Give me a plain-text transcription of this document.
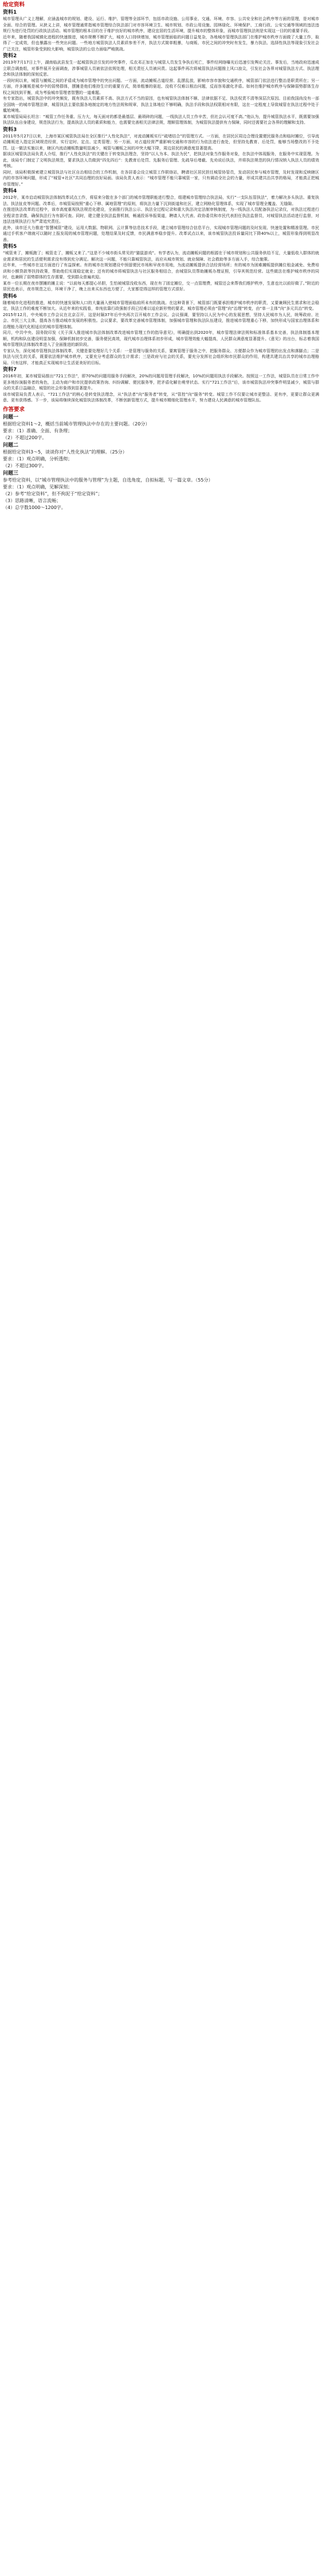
给定资料

资料1

城市管理从广义上理解，应涵盖城市的规划、建设、运行、维护、管理等全部环节，包括市政设施、公用事业、交通、环境、市容、公共安全和社会秩序等方面的管理，是对城市全面、综合的管理。从狭义上讲，城市管理通常指城市管理综合执法部门对市容环境卫生、城市规划、市政公用设施、园林绿化、环境保护、工商行政、公安交通等领域的违法违规行为进行处罚的行政执法活动。城市管理的根本目的在于维护良好的城市秩序，建设宜居的生活环境，提升城市的整体形象，而城市管理执法则是实现这一目的的重要手段。

近年来，随着我国城镇化进程的快速推进，城市规模不断扩大，城市人口持续增加，城市管理面临的问题日益复杂，各地城市管理执法部门在维护城市秩序方面做了大量工作，取得了一定成效，但也暴露出一些突出问题。一些地方城管执法人员素质参差不齐，执法方式简单粗暴，与商贩、市民之间的冲突时有发生，暴力执法、选择性执法等现象引发社会广泛关注，城管形象受到较大影响，城管执法的公信力面临严峻挑战。

资料2

2013年7月17日上午，湖南临武县发生一起城管执法引发的冲突事件，瓜农邓正加在与城管人员发生争执后死亡，事件经网络曝光后迅速引发舆论关注。事发后，当地政府迅速成立联合调查组，对事件展开全面调查，涉事城管人员被依法依规处理，相关责任人员被问责。这起事件再次将城管执法问题推上风口浪尖，引发社会各界对城管执法方式、执法理念和执法体制的深刻反思。

一段时间以来，城管与摊贩之间的矛盾成为城市管理中的突出问题。一方面，流动摊贩占道经营、乱摆乱放，影响市容市貌和交通秩序，城管部门依法进行整治是职责所在；另一方面，许多摊贩是城市中的弱势群体，摆摊是他们维持生计的重要方式，简单粗暴的驱赶、没收不仅难以根治问题，反而容易激化矛盾。如何在维护城市秩序与保障弱势群体生存权之间找到平衡，成为考验城市管理者智慧的一道难题。

有专家指出，城管执法中的冲突频发，既有执法人员素质不高、执法方式不当的原因，也有城管执法体制不顺、法律依据不足、执法权责不清等深层次原因。目前我国尚没有一部全国统一的城市管理法律，城管执法主要依据各地制定的地方性法规和规章，执法主体地位不够明确，执法手段和执法权限相对有限，这在一定程度上导致城管在执法过程中处于尴尬境地。

某市城管局局长坦言：“城管工作任务重、压力大，每天面对的都是最基层、最琐碎的问题，一线执法人员工作辛苦，但社会认可度不高。”他认为，提升城管执法水平，既需要加强执法队伍自身建设，规范执法行为，提高执法人员的素质和能力，也需要完善相关法律法规，理顺管理体制，为城管执法提供有力保障，同时还需要社会各界的理解和支持。

资料3

2011年5月27日以来，上海市某区城管执法局在全区推行“人性化执法”，对流动摊贩实行“疏堵结合”的管理方式。一方面，在居民区周边合理设置便民服务点和临时摊位，引导流动摊贩进入指定区域规范经营，实行定时、定点、定类管理；另一方面，对占道经营严重影响交通和市容的行为依法进行查处，但坚持先教育、后处罚，能够当场整改的不予处罚。这一做法实施以来，辖区内流动摊贩数量明显减少，城管与摊贩之间的冲突大幅下降，周边居民的满意度显著提高。

据该区城管执法局负责人介绍，推行“人性化执法”的关键在于转变执法理念，坚持“以人为本、执法为民”，把执法对象当作服务对象，在执法中体现服务，在服务中实现管理。为此，该局专门制定了文明执法规范，要求执法人员做到“四先四后”：先教育后处罚、先服务后管理、先疏导后堵截、先劝说后执法，并将执法规范的执行情况纳入执法人员的绩效考核。

同时，该局积极探索建立城管执法与社区自治相结合的工作机制，在各居委会设立城管工作联络站，聘请社区居民担任城管协管员，发动居民参与城市管理，及时发现和反映辖区内的市容环境问题，形成了“城管+社区”共同治理的良好局面。该局负责人表示：“城市管理不能只靠城管一家，只有调动全社会的力量，形成共建共治共享的格局，才能真正把城市管理好。”

资料4

2012年，某市启动城管执法体制改革试点工作，将原来分散在多个部门的城市管理职能进行整合，组建城市管理综合执法局，实行“一支队伍管执法”，着力解决多头执法、重复执法、执法扯皮等问题。改革后，市城管局按照“重心下移、属地管理”的原则，将执法力量下沉到街道和社区，建立网格化管理体系，实现了城市管理全覆盖、无缝隙。

在推进执法改革的过程中，该市高度重视执法规范化建设，全面推行执法公示、执法全过程记录和重大执法决定法制审核制度，为一线执法人员配备执法记录仪，对执法过程进行全程录音录像，确保执法行为有据可查。同时，建立健全执法监督机制，畅通投诉举报渠道，聘请人大代表、政协委员和市民代表担任执法监督员，对城管执法活动进行监督，对违法违规执法行为严肃追究责任。

此外，该市还大力推进“智慧城管”建设，运用大数据、物联网、云计算等信息技术手段，建立城市管理综合信息平台，实现城市管理问题的及时发现、快速处置和精准管理。市民通过手机客户端就可以随时上报发现的城市管理问题，处理结果及时反馈，市民满意率稳步提升。改革试点以来，该市城管执法投诉量同比下降40%以上，城管形象得到明显改善。

资料5

“城管来了，摊贩跑了；城管走了，摊贩又来了。”这是不少城市街头常见的“猫鼠游戏”。有学者认为，流动摊贩问题的根源在于城市规划和公共服务供给不足，大量低收入群体的就业需求和居民的生活便利需求没有得到充分满足。解决这一问题，不能只靠城管执法，而应从城市规划、就业保障、社会救助等多方面入手，综合施策。

近年来，一些城市在这方面进行了有益探索。有的城市在规划建设中预留便民市场和早夜市用地，为流动摊贩提供合法经营场所；有的城市为困难摊贩提供摊位租金减免、免费培训和小额贷款等扶持政策，帮助他们实现稳定就业；还有的城市将城管执法与社区服务相结合，由城管队员帮助摊贩办理证照，引导其规范经营。这些做法在维护城市秩序的同时，也兼顾了弱势群体的生存需要，受到群众普遍欢迎。

某市一位长期在夜市摆摊的摊主说：“以前每天都提心吊胆，生怕被城管没收东西，现在有了固定摊位，交一点管理费，城管还会来帮我们维护秩序，生意也比以前好做了。”附近的居民也表示，夜市规范之后，环境干净了，晚上出来买东西也方便了，大家都觉得这样的管理方式很好。

资料6

随着城市化进程的推进，城市的快速发展和人口的大量涌入使城市管理面临前所未有的挑战。在这种背景下，城管部门既要承担维护城市秩序的职责，又要兼顾民生需求和社会稳定，执法工作的难度不断加大。从近年来的实践看，单纯依靠行政强制手段已经难以适应新形势的要求，城市管理必须由“管理”向“治理”转变，由“单一主体”向“多元共治”转变。

2015年12月，中央城市工作会议在北京召开，这是时隔37年后中央再次召开城市工作会议。会议强调，要坚持以人民为中心的发展思想，坚持人民城市为人民，统筹政府、社会、市民三大主体，提高各方推动城市发展的积极性。会议要求，要改革完善城市管理体制，加强城市管理和执法队伍建设，推进城市管理重心下移，加快形成与国家治理体系和治理能力现代化相适应的城市管理体制。

同月，中共中央、国务院印发《关于深入推进城市执法体制改革改进城市管理工作的指导意见》，明确提出到2020年，城市管理法律法规和标准体系基本完善，执法体制基本理顺，机构和队伍建设明显加强，保障机制初步完善，服务便民高效，现代城市治理体系初步形成，城市管理效能大幅提高，人民群众满意度显著提升。《意见》的出台，标志着我国城市管理执法体制改革进入了全面推进的新阶段。

专家认为，深化城市管理执法体制改革，关键是要处理好几个关系：一是管理与服务的关系，要寓管理于服务之中，把服务群众、方便群众作为城市管理的出发点和落脚点；二是执法与民生的关系，既要依法维护城市秩序，又要充分考虑群众的生计需求；三是政府与社会的关系，要充分发挥社会组织和市民群众的作用，构建共建共治共享的城市治理格局。只有这样，才能真正实现城市让生活更美好的目标。

资料7

2016年初，某市城管局推出“721工作法”，即70%的问题用服务手段解决，20%的问题用管理手段解决，10%的问题用执法手段解决。按照这一工作法，城管队员在日常工作中更多地扮演服务者的角色，主动为商户和市民提供政策咨询、纠纷调解、便民服务等，把矛盾化解在萌芽状态。实行“721工作法”后，该市城管执法冲突事件明显减少，城管与群众的关系日益融洽，城管的社会形象得到显著提升。

该市城管局负责人表示，“721工作法”的核心是转变执法理念，从“执法者”向“服务者”转变，从“管控”向“服务”转变。城管工作不仅要让城市更整洁、更有序，更要让群众更满意、更有获得感。下一步，该局将继续深化城管执法体制改革，不断创新管理方式，提升城市精细化管理水平，努力建设人民满意的城市管理队伍。

作答要求

问题一

根据给定资料1～2，概括当前城市管理执法中存在的主要问题。（20分）

要求：（1）准确、全面、有条理；

（2）不超过200字。

问题二

根据给定资料3～5，谈谈你对“人性化执法”的理解。（25分）

要求：（1）观点明确，分析透彻；

（2）不超过300字。

问题三

参考给定资料，以“城市管理执法中的服务与管理”为主题，自选角度，自拟标题，写一篇文章。（55分）

要求：（1）观点明确，见解深刻；

（2）参考“给定资料”，但不拘泥于“给定资料”；

（3）思路清晰，语言流畅；

（4）总字数1000～1200字。
